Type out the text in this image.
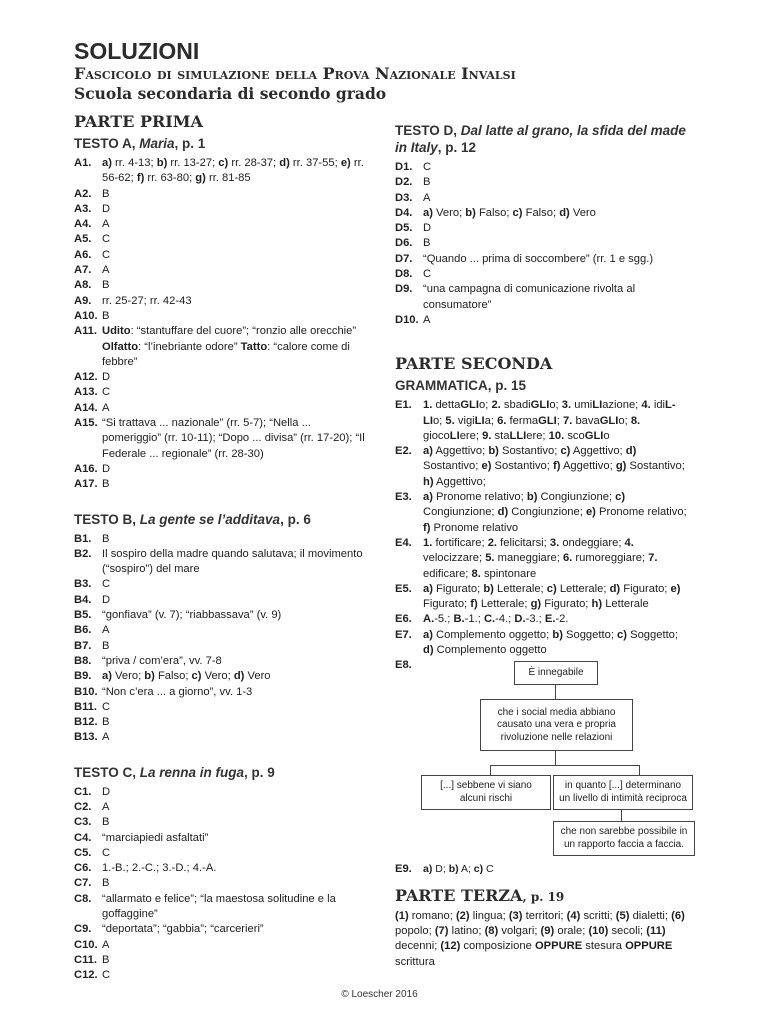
SOLUZIONI
Fascicolo di simulazione della Prova Nazionale Invalsi
Scuola secondaria di secondo grado
PARTE PRIMA
TESTO A, Maria, p. 1
A1. a) rr. 4-13; b) rr. 13-27; c) rr. 28-37; d) rr. 37-55; e) rr. 56-62; f) rr. 63-80; g) rr. 81-85
A2. B
A3. D
A4. A
A5. C
A6. C
A7. A
A8. B
A9. rr. 25-27; rr. 42-43
A10. B
A11. Udito: “stantuffare del cuore”; “ronzio alle orecchie” Olfatto: “l’inebriante odore” Tatto: “calore come di febbre”
A12. D
A13. C
A14. A
A15. “Si trattava ... nazionale” (rr. 5-7); “Nella ... pomeriggio” (rr. 10-11); “Dopo ... divisa” (rr. 17-20); “Il Federale ... regionale” (rr. 28-30)
A16. D
A17. B
TESTO B, La gente se l’additava, p. 6
B1. B
B2. Il sospiro della madre quando salutava; il movimento (“sospiro”) del mare
B3. C
B4. D
B5. “gonfiava” (v. 7); “riabbassava” (v. 9)
B6. A
B7. B
B8. “priva / com’era”, vv. 7-8
B9. a) Vero; b) Falso; c) Vero; d) Vero
B10. “Non c’era ... a giorno”, vv. 1-3
B11. C
B12. B
B13. A
TESTO C, La renna in fuga, p. 9
C1. D
C2. A
C3. B
C4. “marciapiedi asfaltati”
C5. C
C6. 1.-B.; 2.-C.; 3.-D.; 4.-A.
C7. B
C8. “allarmato e felice”; “la maestosa solitudine e la goffaggine”
C9. “deportata”; “gabbia”; “carcerieri”
C10. A
C11. B
C12. C
TESTO D, Dal latte al grano, la sfida del made in Italy, p. 12
D1. C
D2. B
D3. A
D4. a) Vero; b) Falso; c) Falso; d) Vero
D5. D
D6. B
D7. “Quando ... prima di soccombere” (rr. 1 e sgg.)
D8. C
D9. “una campagna di comunicazione rivolta al consumatore”
D10. A
PARTE SECONDA
GRAMMATICA, p. 15
E1.	1. dettaGLIo; 2. sbadiGLIo; 3. umiLIazione; 4. idiL-LIo; 5. vigiLIa; 6. fermaGLI; 7. bavaGLIo; 8. giocoLIere; 9. staLLIere; 10. scoGLIo
E2.	a) Aggettivo; b) Sostantivo; c) Aggettivo; d) Sostantivo; e) Sostantivo; f) Aggettivo; g) Sostantivo; h) Aggettivo;
E3.	a) Pronome relativo; b) Congiunzione; c) Congiunzione; d) Congiunzione; e) Pronome relativo; f) Pronome relativo
E4.	1. fortificare; 2. felicitarsi; 3. ondeggiare; 4. velocizzare; 5. maneggiare; 6. rumoreggiare; 7. edificare; 8. spintonare
E5.	a) Figurato; b) Letterale; c) Letterale; d) Figurato; e) Figurato; f) Letterale; g) Figurato; h) Letterale
E6.	A.-5.; B.-1.; C.-4.; D.-3.; E.-2.
E7.	a) Complemento oggetto; b) Soggetto; c) Soggetto; d) Complemento oggetto
E8.
È innegabile
che i social media abbiano causato una vera e propria rivoluzione nelle relazioni
[...] sebbene vi siano alcuni rischi
in quanto [...] determinano un livello di intimità reciproca
che non sarebbe possibile in un rapporto faccia a faccia.
E9.	a) D; b) A; c) C
PARTE TERZA, p. 19
(1) romano; (2) lingua; (3) territori; (4) scritti; (5) dialetti; (6) popolo; (7) latino; (8) volgari; (9) orale; (10) secoli; (11) decenni; (12) composizione OPPURE stesura OPPURE scrittura
© Loescher 2016
